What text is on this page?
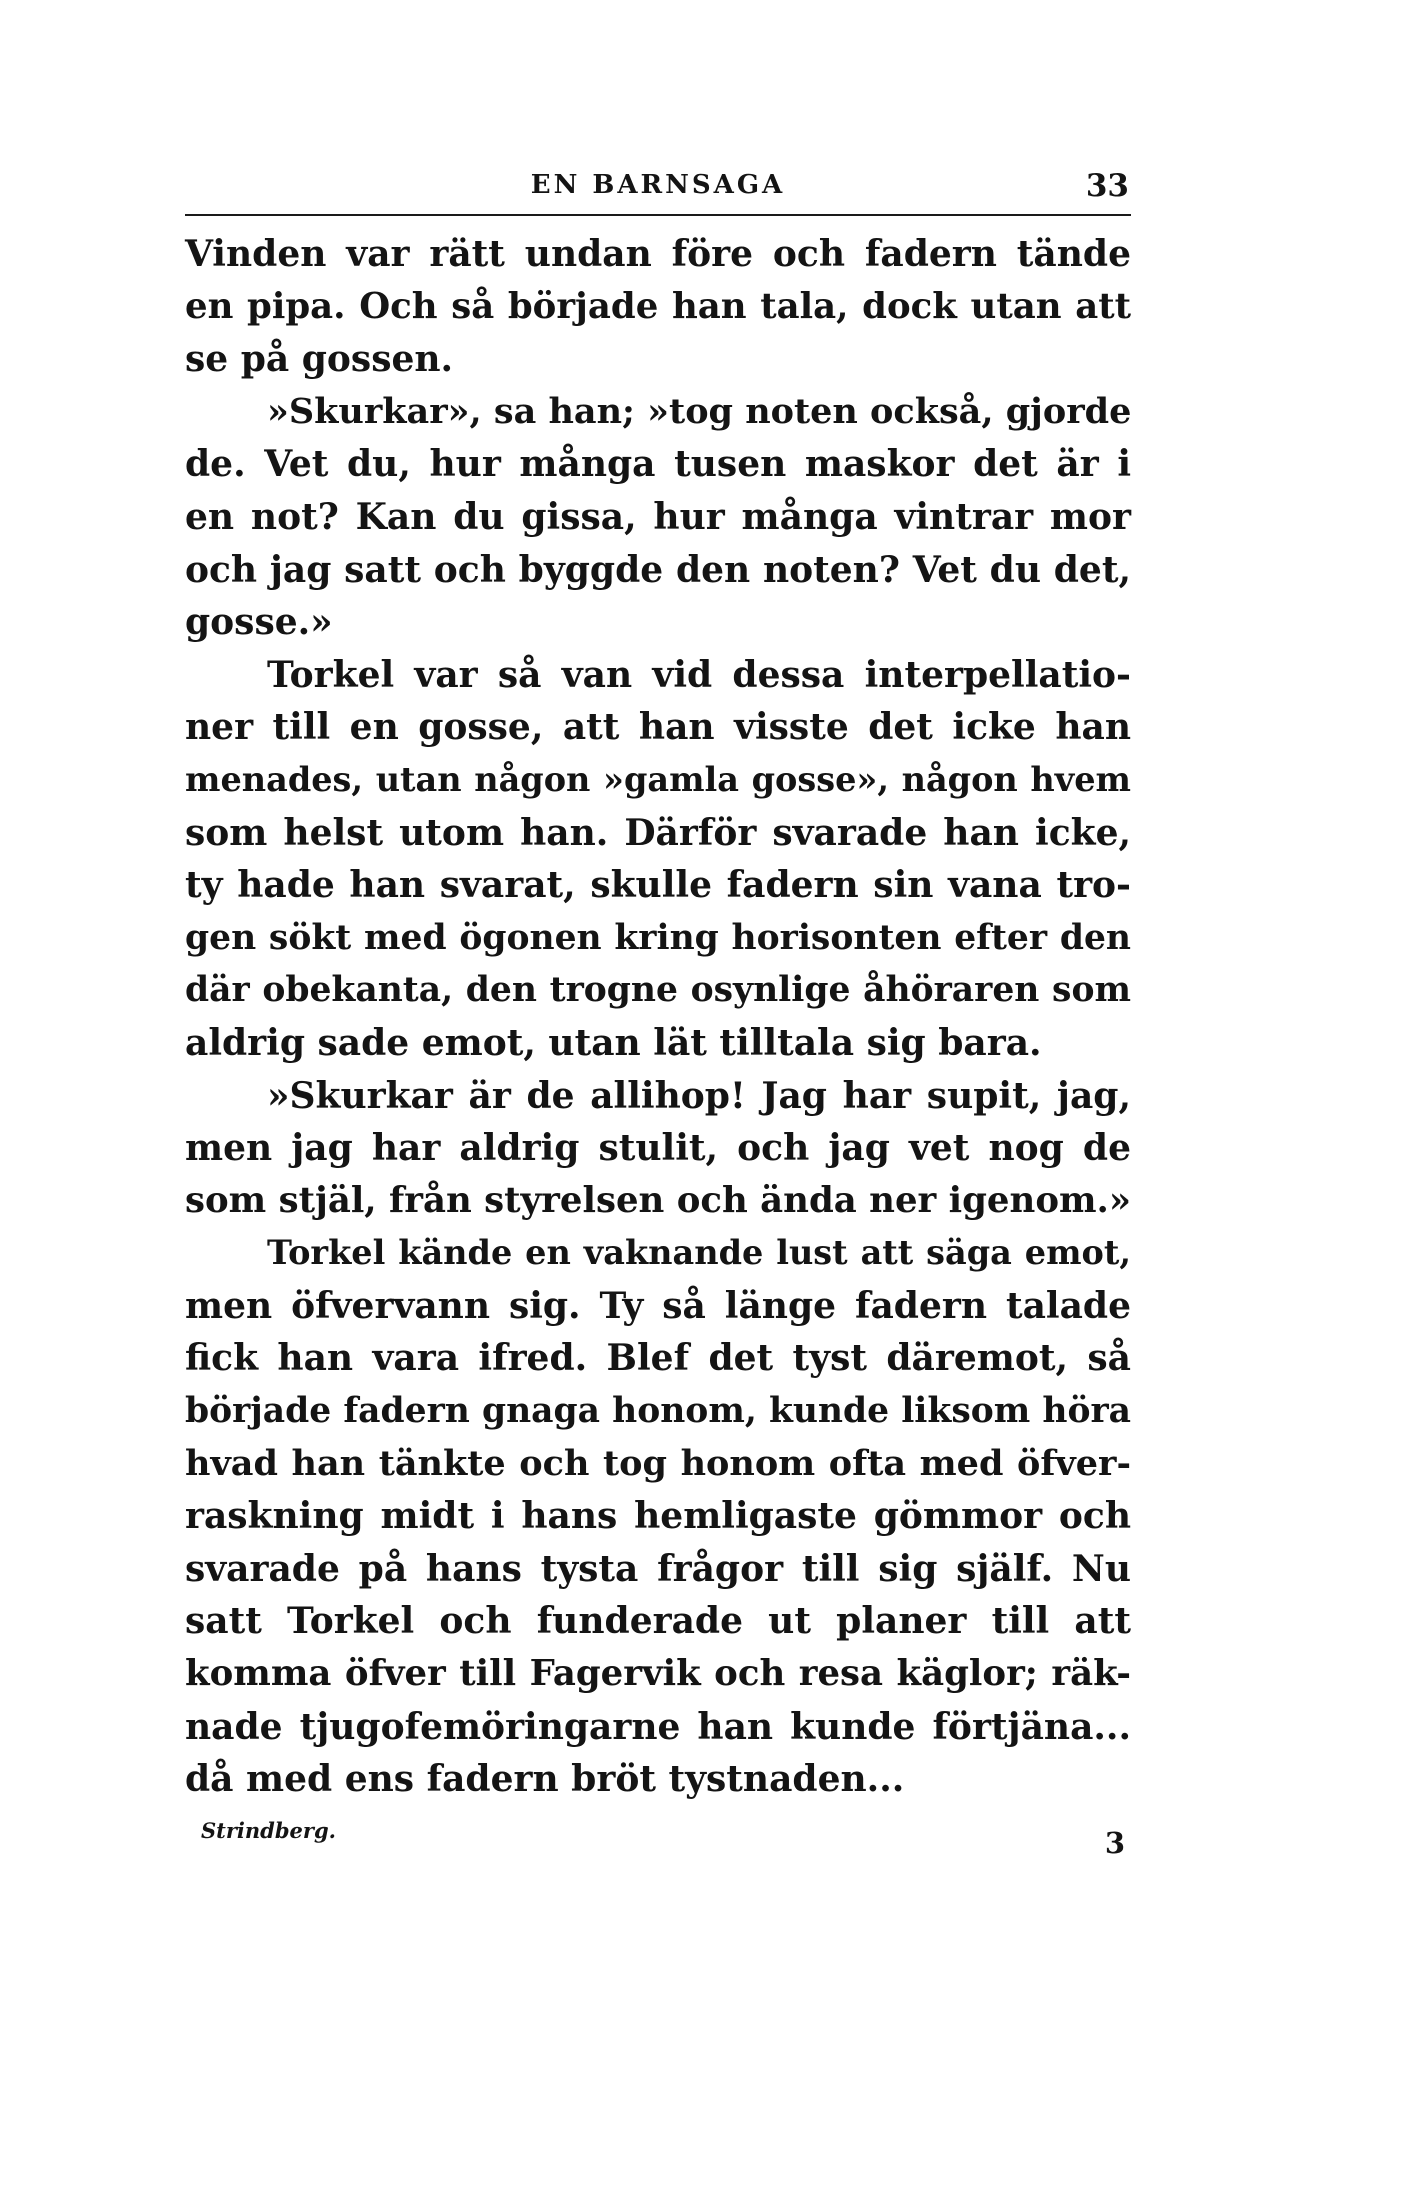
EN BARNSAGA	33
Vinden var rätt undan före och fadern tände
en pipa. Och så började han tala, dock utan att
se på gossen.
»Skurkar», sa han; »tog noten också, gjorde
de. Vet du, hur många tusen maskor det är i
en not? Kan du gissa, hur många vintrar mor
och jag satt och byggde den noten? Vet du det,
gosse.»
Torkel var så van vid dessa interpellatio-
ner till en gosse, att han visste det icke han
menades, utan någon »gamla gosse», någon hvem
som helst utom han. Därför svarade han icke,
ty hade han svarat, skulle fadern sin vana tro-
gen sökt med ögonen kring horisonten efter den
där obekanta, den trogne osynlige åhöraren som
aldrig sade emot, utan lät tilltala sig bara.
»Skurkar är de allihop! Jag har supit, jag,
men jag har aldrig stulit, och jag vet nog de
som stjäl, från styrelsen och ända ner igenom.»
Torkel kände en vaknande lust att säga emot,
men öfvervann sig. Ty så länge fadern talade
fick han vara ifred. Blef det tyst däremot, så
började fadern gnaga honom, kunde liksom höra
hvad han tänkte och tog honom ofta med öfver-
raskning midt i hans hemligaste gömmor och
svarade på hans tysta frågor till sig själf. Nu
satt Torkel och funderade ut planer till att
komma öfver till Fagervik och resa käglor; räk-
nade tjugofemöringarne han kunde förtjäna...
då med ens fadern bröt tystnaden...
Strindberg.	3
